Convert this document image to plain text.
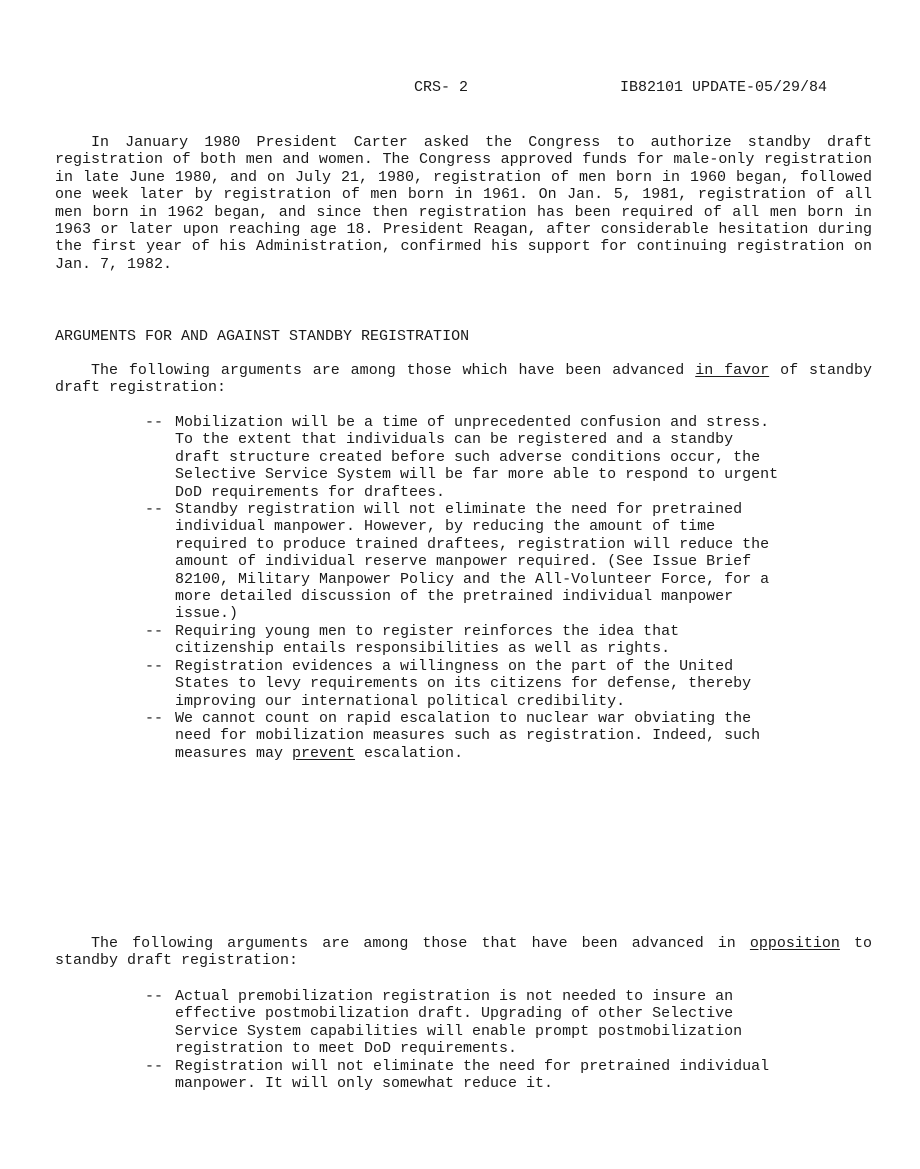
CRS- 2	IB82101 UPDATE-05/29/84

In January 1980 President Carter asked the Congress to authorize standby draft registration of both men and women. The Congress approved funds for male-only registration in late June 1980, and on July 21, 1980, registration of men born in 1960 began, followed one week later by registration of men born in 1961. On Jan. 5, 1981, registration of all men born in 1962 began, and since then registration has been required of all men born in 1963 or later upon reaching age 18. President Reagan, after considerable hesitation during the first year of his Administration, confirmed his support for continuing registration on Jan. 7, 1982.

ARGUMENTS FOR AND AGAINST STANDBY REGISTRATION

The following arguments are among those which have been advanced in favor of standby draft registration:

-- Mobilization will be a time of unprecedented confusion and stress. To the extent that individuals can be registered and a standby draft structure created before such adverse conditions occur, the Selective Service System will be far more able to respond to urgent DoD requirements for draftees.
-- Standby registration will not eliminate the need for pretrained individual manpower. However, by reducing the amount of time required to produce trained draftees, registration will reduce the amount of individual reserve manpower required. (See Issue Brief 82100, Military Manpower Policy and the All-Volunteer Force, for a more detailed discussion of the pretrained individual manpower issue.)
-- Requiring young men to register reinforces the idea that citizenship entails responsibilities as well as rights.
-- Registration evidences a willingness on the part of the United States to levy requirements on its citizens for defense, thereby improving our international political credibility.
-- We cannot count on rapid escalation to nuclear war obviating the need for mobilization measures such as registration. Indeed, such measures may prevent escalation.

The following arguments are among those that have been advanced in opposition to standby draft registration:

-- Actual premobilization registration is not needed to insure an effective postmobilization draft. Upgrading of other Selective Service System capabilities will enable prompt postmobilization registration to meet DoD requirements.
-- Registration will not eliminate the need for pretrained individual manpower. It will only somewhat reduce it.
